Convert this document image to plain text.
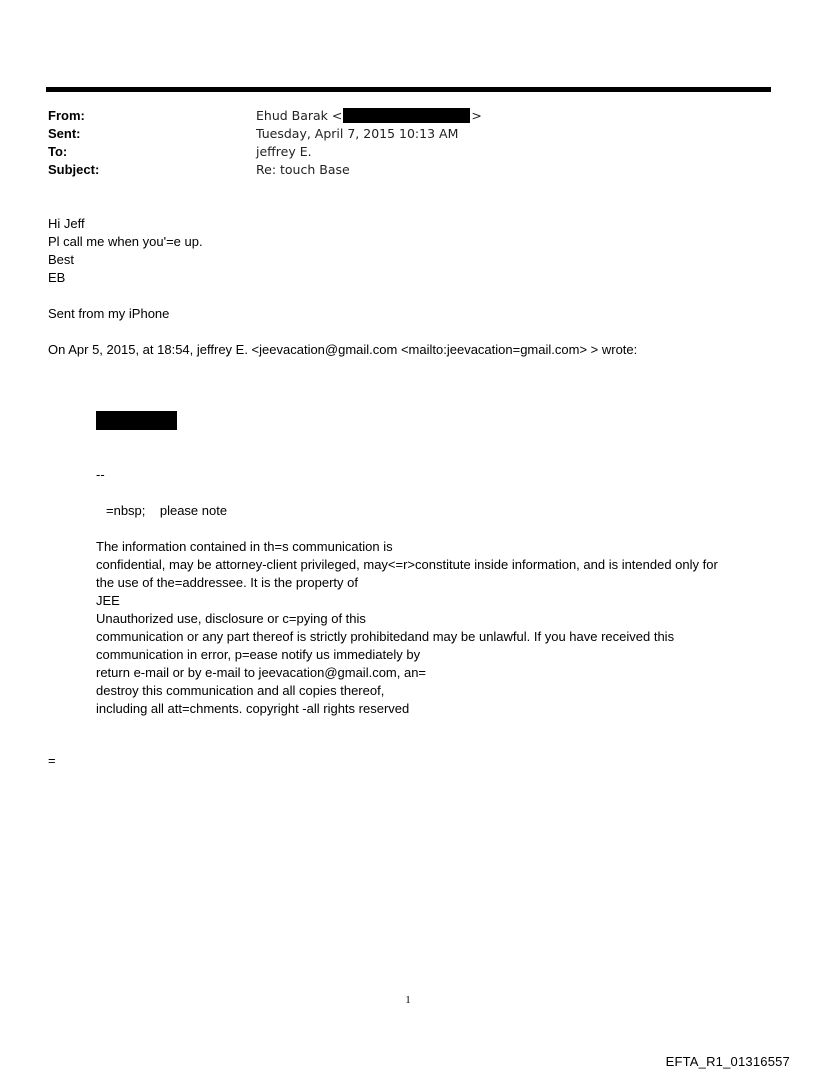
From:	Ehud Barak <	>
Sent:	Tuesday, April 7, 2015 10:13 AM
To:	jeffrey E.
Subject:	Re: touch Base
Hi Jeff
Pl call me when you'=e up.
Best
EB
Sent from my iPhone
On Apr 5, 2015, at 18:54, jeffrey E. <jeevacation@gmail.com <mailto:jeevacation=gmail.com> > wrote:
--
=nbsp;    please note
The information contained in th=s communication is
confidential, may be attorney-client privileged, may<=r>constitute inside information, and is intended only for
the use of the=addressee. It is the property of
JEE
Unauthorized use, disclosure or c=pying of this
communication or any part thereof is strictly prohibitedand may be unlawful. If you have received this
communication in error, p=ease notify us immediately by
return e-mail or by e-mail to jeevacation@gmail.com, an=
destroy this communication and all copies thereof,
including all att=chments. copyright -all rights reserved
=
1
EFTA_R1_01316557
